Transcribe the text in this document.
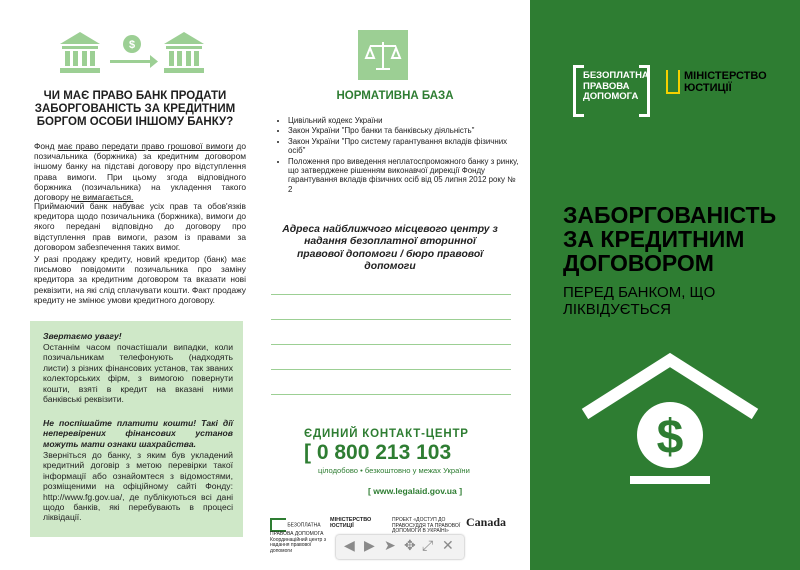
$
ЧИ МАЄ ПРАВО БАНК ПРОДАТИ ЗАБОРГОВАНІСТЬ ЗА КРЕДИТНИМ БОРГОМ ОСОБИ ІНШОМУ БАНКУ?
Фонд має право передати право грошової вимоги до позичальника (боржника) за кредитним договором іншому банку на підставі договору про відступлення права вимоги. При цьому згода відповідного боржника (позичальника) на укладення такого договору не вимагається.
Приймаючий банк набуває усіх прав та обов'язків кредитора щодо позичальника (боржника), вимоги до якого передані відповідно до договору про відступлення прав вимоги, разом із правами за договором забезпечення таких вимог.
У разі продажу кредиту, новий кредитор (банк) має письмово повідомити позичальника про заміну кредитора за кредитним договором та вказати нові реквізити, на які слід сплачувати кошти. Факт продажу кредиту не змінює умови кредитного договору.
Звертаємо увагу!
Останнім часом почастішали випадки, коли позичальникам телефонують (надходять листи) з різних фінансових установ, так званих колекторських фірм, з вимогою повернути кошти, взяті в кредит на вказані ними банківські реквізити.
Не поспішайте платити кошти! Такі дії неперевірених фінансових установ можуть мати ознаки шахрайства.
Зверніться до банку, з яким був укладений кредитний договір з метою перевірки такої інформації або ознайомтеся з відомостями, розміщеними на офіційному сайті Фонду: http://www.fg.gov.ua/, де публікуються всі дані щодо банків, які перебувають в процесі ліквідації.
НОРМАТИВНА БАЗА
• Цивільний кодекс України
• Закон України "Про банки та банківську діяльність"
• Закон України "Про систему гарантування вкладів фізичних осіб"
• Положення про виведення неплатоспроможного банку з ринку, що затверджене рішенням виконавчої дирекції Фонду гарантування вкладів фізичних осіб від 05 липня 2012 року № 2
Адреса найближчого місцевого центру з надання безоплатної вторинної правової допомоги / бюро правової допомоги
ЄДИНИЙ КОНТАКТ-ЦЕНТР
[ 0 800 213 103
цілодобово • безкоштовно у межах України
[ www.legalaid.gov.ua ]
БЕЗОПЛАТНА ПРАВОВА ДОПОМОГА
Координаційний центр з надання правової допомоги
МІНІСТЕРСТВО ЮСТИЦІЇ
ПРОЕКТ «ДОСТУП ДО ПРАВОСУДДЯ ТА ПРАВОВОЇ ДОПОМОГИ В УКРАЇНІ»
Canada
БЕЗОПЛАТНА ПРАВОВА ДОПОМОГА
МІНІСТЕРСТВО ЮСТИЦІЇ
ЗАБОРГОВАНІСТЬ ЗА КРЕДИТНИМ ДОГОВОРОМ
ПЕРЕД БАНКОМ, ЩО ЛІКВІДУЄТЬСЯ
$
◀ ▶ ➤ ✥ ⤢ ✕
